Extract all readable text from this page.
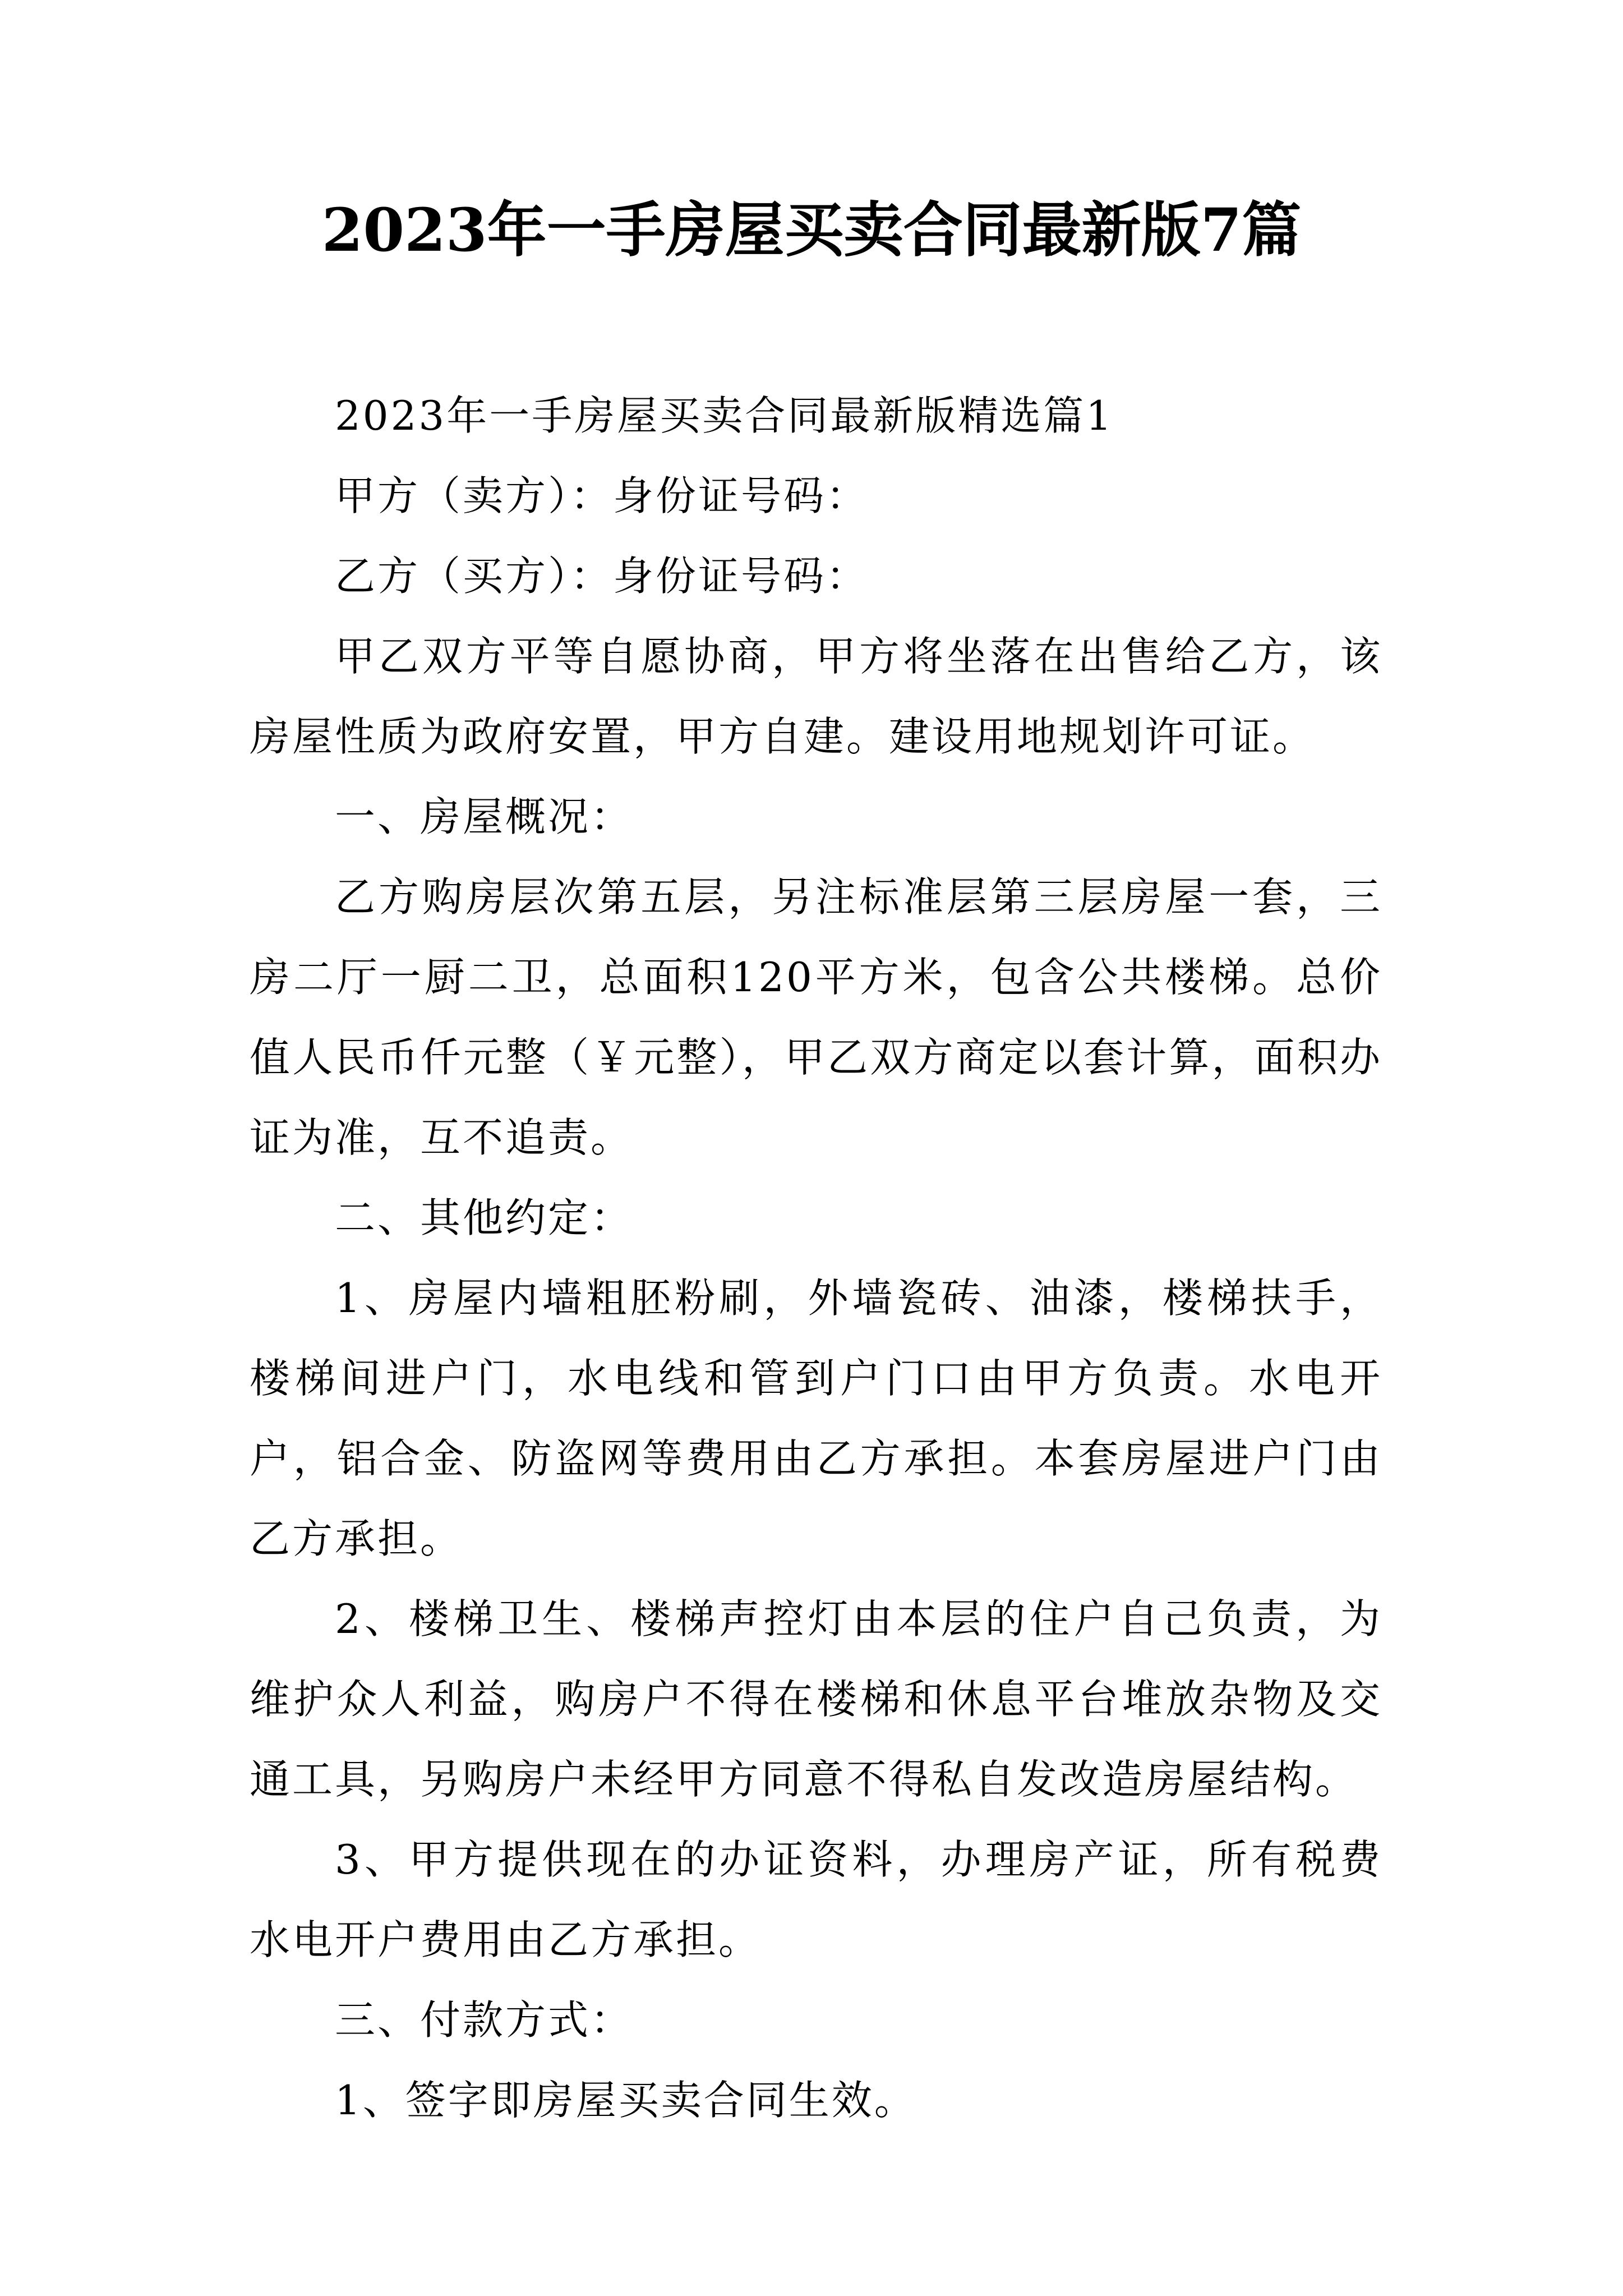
2023年一手房屋买卖合同最新版7篇

2023年一手房屋买卖合同最新版精选篇1

甲方（卖方）：身份证号码：

乙方（买方）：身份证号码：

甲乙双方平等自愿协商，甲方将坐落在出售给乙方，该房屋性质为政府安置，甲方自建。建设用地规划许可证。

一、房屋概况：

乙方购房层次第五层，另注标准层第三层房屋一套，三房二厅一厨二卫，总面积120平方米，包含公共楼梯。总价值人民币仟元整（￥元整），甲乙双方商定以套计算，面积办证为准，互不追责。

二、其他约定：

1、房屋内墙粗胚粉刷，外墙瓷砖、油漆，楼梯扶手，楼梯间进户门，水电线和管到户门口由甲方负责。水电开户，铝合金、防盗网等费用由乙方承担。本套房屋进户门由乙方承担。

2、楼梯卫生、楼梯声控灯由本层的住户自己负责，为维护众人利益，购房户不得在楼梯和休息平台堆放杂物及交通工具，另购房户未经甲方同意不得私自发改造房屋结构。

3、甲方提供现在的办证资料，办理房产证，所有税费水电开户费用由乙方承担。

三、付款方式：

1、签字即房屋买卖合同生效。
